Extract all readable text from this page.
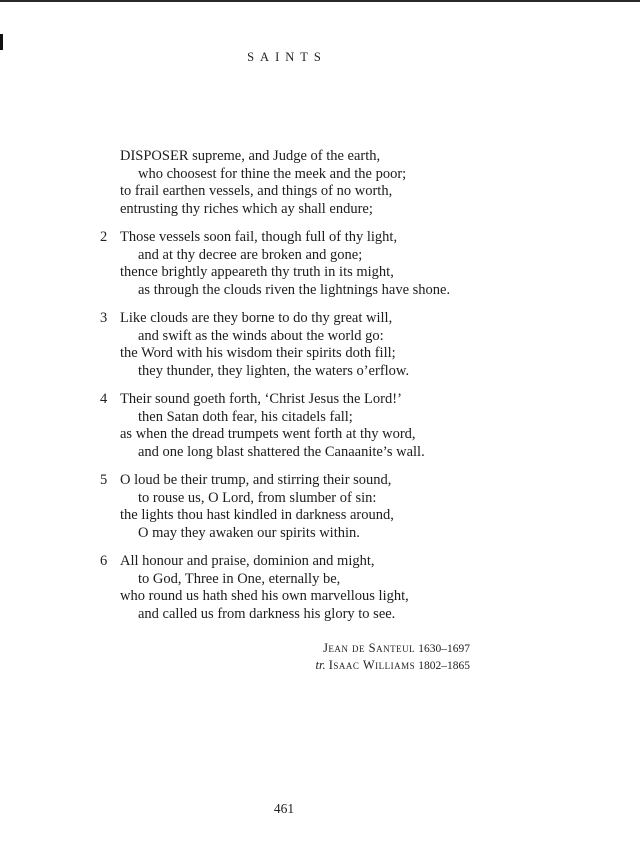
SAINTS
DISPOSER supreme, and Judge of the earth,
who choosest for thine the meek and the poor;
to frail earthen vessels, and things of no worth,
entrusting thy riches which ay shall endure;
2 Those vessels soon fail, though full of thy light,
and at thy decree are broken and gone;
thence brightly appeareth thy truth in its might,
as through the clouds riven the lightnings have shone.
3 Like clouds are they borne to do thy great will,
and swift as the winds about the world go:
the Word with his wisdom their spirits doth fill;
they thunder, they lighten, the waters o’erflow.
4 Their sound goeth forth, ‘Christ Jesus the Lord!’
then Satan doth fear, his citadels fall;
as when the dread trumpets went forth at thy word,
and one long blast shattered the Canaanite’s wall.
5 O loud be their trump, and stirring their sound,
to rouse us, O Lord, from slumber of sin:
the lights thou hast kindled in darkness around,
O may they awaken our spirits within.
6 All honour and praise, dominion and might,
to God, Three in One, eternally be,
who round us hath shed his own marvellous light,
and called us from darkness his glory to see.
Jean de Santeul 1630–1697
tr. Isaac Williams 1802–1865
461
